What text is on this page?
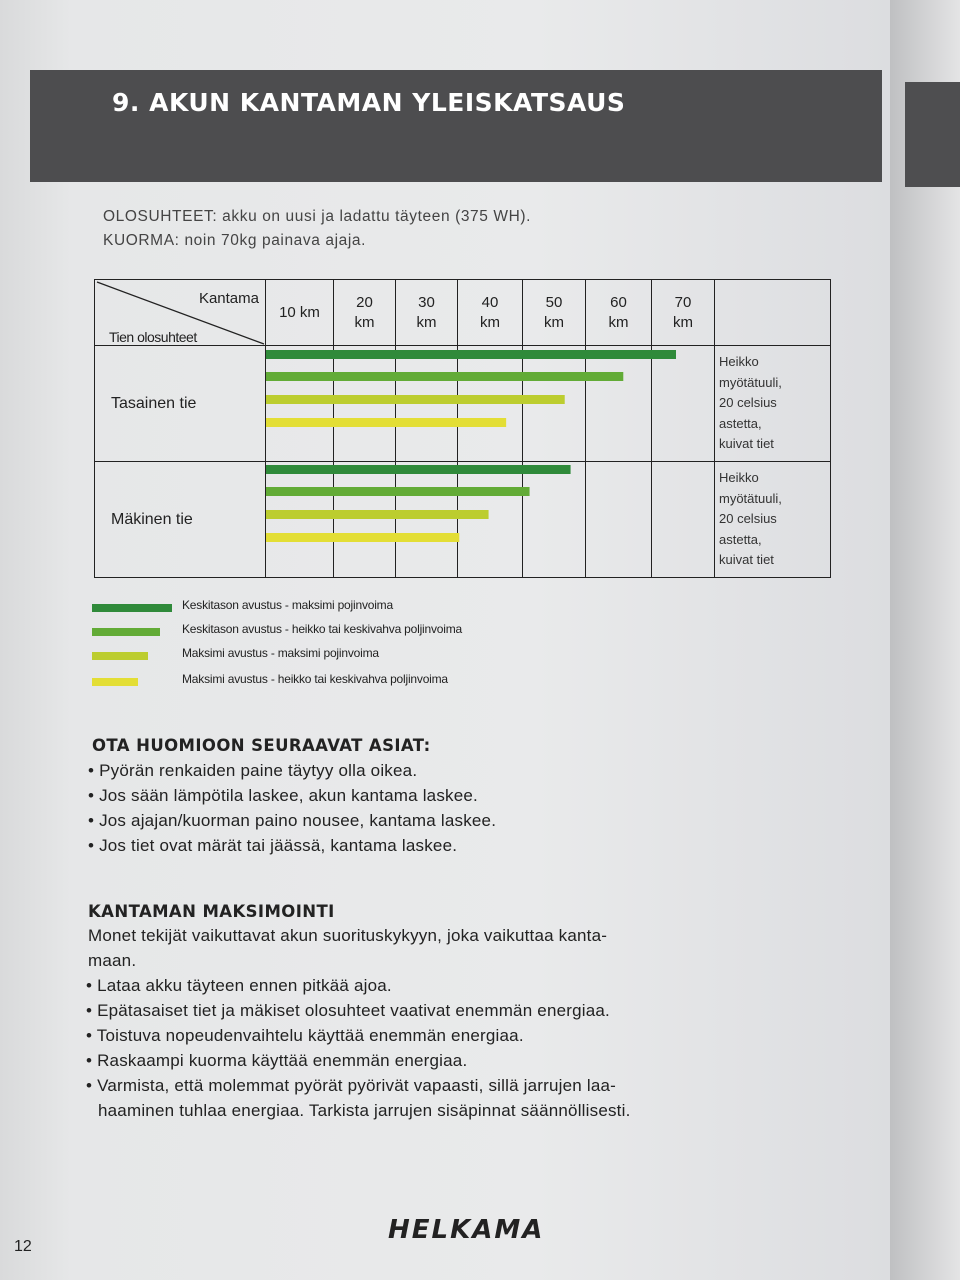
9. AKUN KANTAMAN YLEISKATSAUS
OLOSUHTEET: akku on uusi ja ladattu täyteen (375 WH).
KUORMA: noin 70kg painava ajaja.
Kantama
Tien olosuhteet	10 km	20 km	30 km	40 km	50 km	60 km	70 km	
Tasainen tie								Heikko
myötätuuli,
20 celsius
astetta,
kuivat tiet

Mäkinen tie								Heikko
myötätuuli,
20 celsius
astetta,
kuivat tiet
Keskitason avustus - maksimi pojinvoima
Keskitason avustus - heikko tai keskivahva poljinvoima
Maksimi avustus - maksimi pojinvoima
Maksimi avustus - heikko tai keskivahva poljinvoima
OTA HUOMIOON SEURAAVAT ASIAT:
• Pyörän renkaiden paine täytyy olla oikea.
• Jos sään lämpötila laskee, akun kantama laskee.
• Jos ajajan/kuorman paino nousee, kantama laskee.
• Jos tiet ovat märät tai jäässä, kantama laskee.
KANTAMAN MAKSIMOINTI
Monet tekijät vaikuttavat akun suorituskykyyn, joka vaikuttaa kanta-
maan.
• Lataa akku täyteen ennen pitkää ajoa.
• Epätasaiset tiet ja mäkiset olosuhteet vaativat enemmän energiaa.
• Toistuva nopeudenvaihtelu käyttää enemmän energiaa.
• Raskaampi kuorma käyttää enemmän energiaa.
• Varmista, että molemmat pyörät pyörivät vapaasti, sillä jarrujen laa-
haaminen tuhlaa energiaa. Tarkista jarrujen sisäpinnat säännöllisesti.
12
HELKAMA
